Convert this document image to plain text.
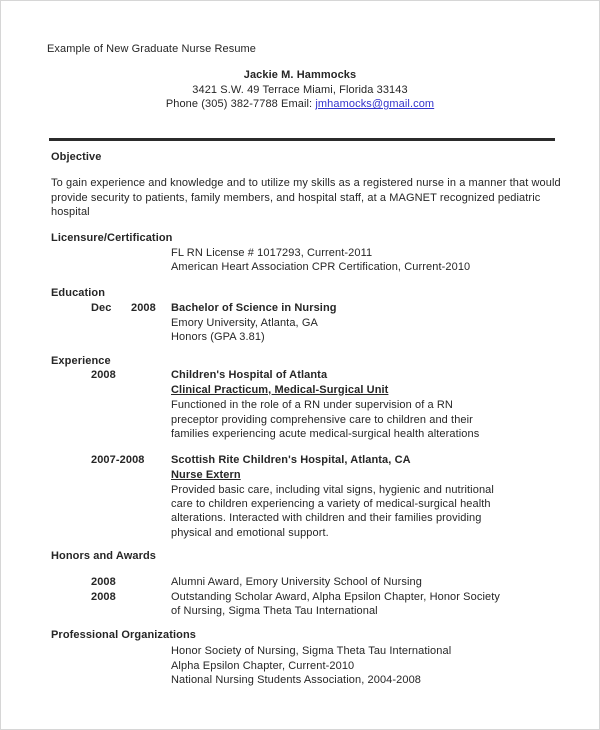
Example of New Graduate Nurse Resume
Jackie M. Hammocks
3421 S.W. 49 Terrace Miami, Florida 33143
Phone (305) 382-7788 Email: jmhamocks@gmail.com
Objective
To gain experience and knowledge and to utilize my skills as a registered nurse in a manner that would
provide security to patients, family members, and hospital staff, at a MAGNET recognized pediatric
hospital
Licensure/Certification
FL RN License # 1017293, Current-2011
American Heart Association CPR Certification, Current-2010
Education
Dec 2008 Bachelor of Science in Nursing
Emory University, Atlanta, GA
Honors (GPA 3.81)
Experience
2008	Children's Hospital of Atlanta
Clinical Practicum, Medical-Surgical Unit
Functioned in the role of a RN under supervision of a RN
preceptor providing comprehensive care to children and their
families experiencing acute medical-surgical health alterations
2007-2008 Scottish Rite Children's Hospital, Atlanta, CA
Nurse Extern
Provided basic care, including vital signs, hygienic and nutritional
care to children experiencing a variety of medical-surgical health
alterations. Interacted with children and their families providing
physical and emotional support.
Honors and Awards
2008	Alumni Award, Emory University School of Nursing
2008	Outstanding Scholar Award, Alpha Epsilon Chapter, Honor Society
of Nursing, Sigma Theta Tau International
Professional Organizations
Honor Society of Nursing, Sigma Theta Tau International
Alpha Epsilon Chapter, Current-2010
National Nursing Students Association, 2004-2008
